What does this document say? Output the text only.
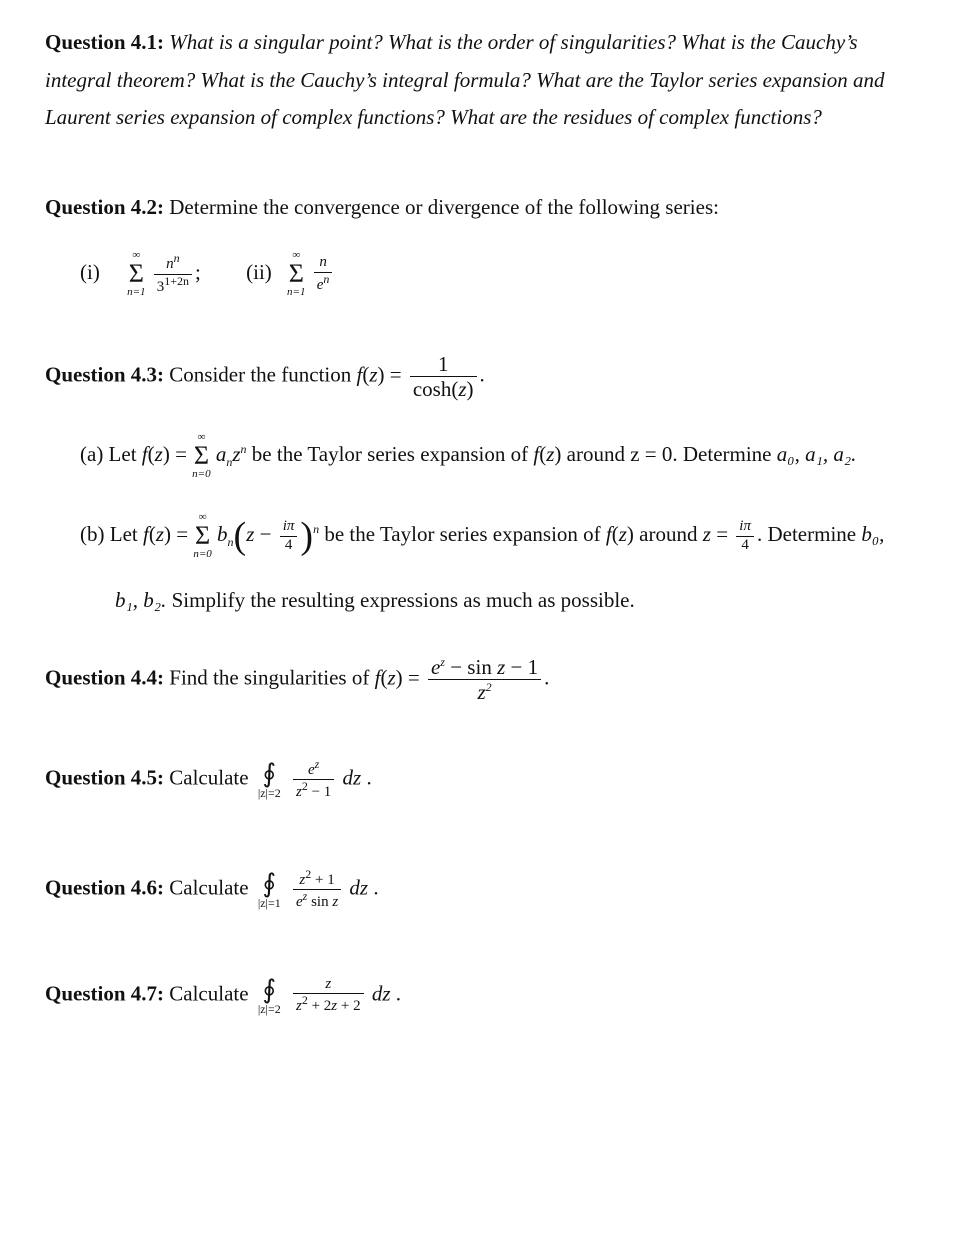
Question 4.1: What is a singular point? What is the order of singularities? What is the Cauchy’s
integral theorem? What is the Cauchy’s integral formula? What are the Taylor series expansion and
Laurent series expansion of complex functions? What are the residues of complex functions?
Question 4.2: Determine the convergence or divergence of the following series:
(i)
∞
Σ
n=1
$\frac{n^n}{3^{1+2n}}$ ; (ii)
∞
Σ
n=1
$\frac{n}{e^n}$
Question 4.3: Consider the function $f(z) = \frac{1}{\cosh(z)}$ .
(a) Let f(z) =
∞
Σ
n=0
$a_nz^n$ be the Taylor series expansion of f(z) around z = 0. Determine a₀, a₁, a₂.
(b) Let f(z) =
∞
Σ
n=0
$b_n(z - \frac{i\pi}{4} )^n$ be the Taylor series expansion of f(z) around $z = \frac{i\pi}{4}$ . Determine b₀,
b₁, b₂. Simplify the resulting expressions as much as possible.
Question 4.4: Find the singularities of $f(z) = \frac{e^z - \sin z - 1}{z^2}$ .
Question 4.5: Calculate ∮
|z|=2
$\frac{e^z}{z^2 - 1}$ dz .
Question 4.6: Calculate ∮
|z|=1
$\frac{z^2 + 1}{e^z \sin z}$ dz .
Question 4.7: Calculate ∮
|z|=2
$\frac{z}{z^2 + 2z + 2}$ dz .
